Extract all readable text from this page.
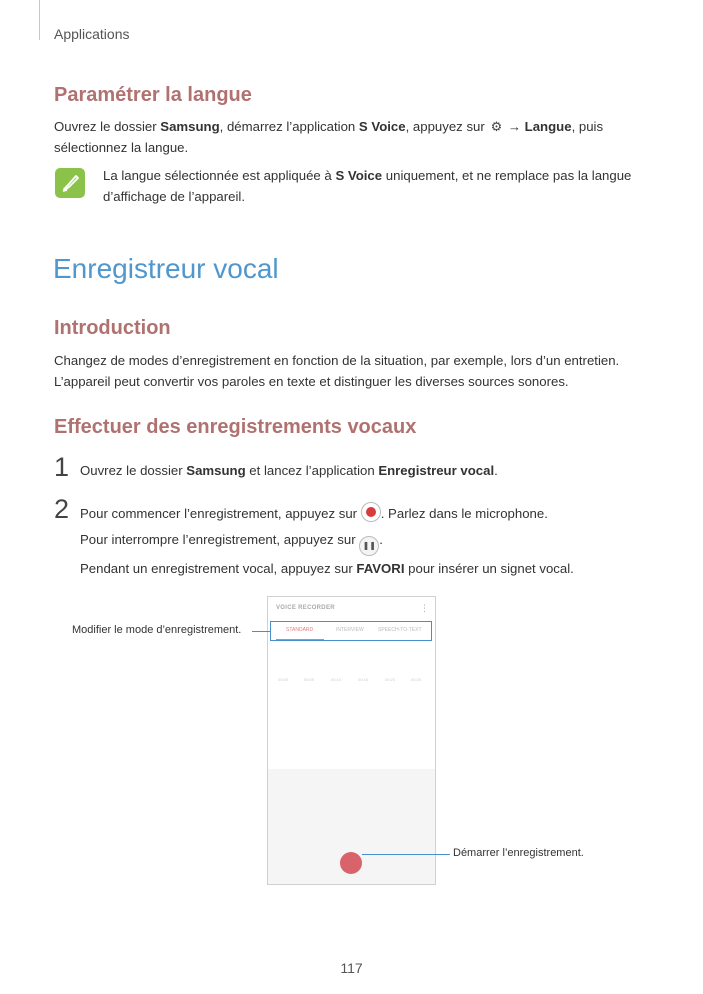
Applications
Paramétrer la langue

Ouvrez le dossier Samsung, démarrez l’application S Voice, appuyez sur ⚙ → Langue, puis
sélectionnez la langue.

La langue sélectionnée est appliquée à S Voice uniquement, et ne remplace pas la langue
d’affichage de l’appareil.

Enregistreur vocal
Introduction

Changez de modes d’enregistrement en fonction de la situation, par exemple, lors d’un entretien.
L’appareil peut convertir vos paroles en texte et distinguer les diverses sources sonores.

Effectuer des enregistrements vocaux
1 Ouvrez le dossier Samsung et lancez l’application Enregistreur vocal.

2 Pour commencer l’enregistrement, appuyez sur . Parlez dans le microphone.
Pour interrompre l’enregistrement, appuyez sur ❚❚ .
Pendant un enregistrement vocal, appuyez sur FAVORI pour insérer un signet vocal.

VOICE RECORDER	⋮
STANDARD	INTERVIEW	SPEECH-TO-TEXT
00:00	00:05	00:10	00:15	00:20	00:25
Modifier le mode d’enregistrement.
Démarrer l’enregistrement.
117
